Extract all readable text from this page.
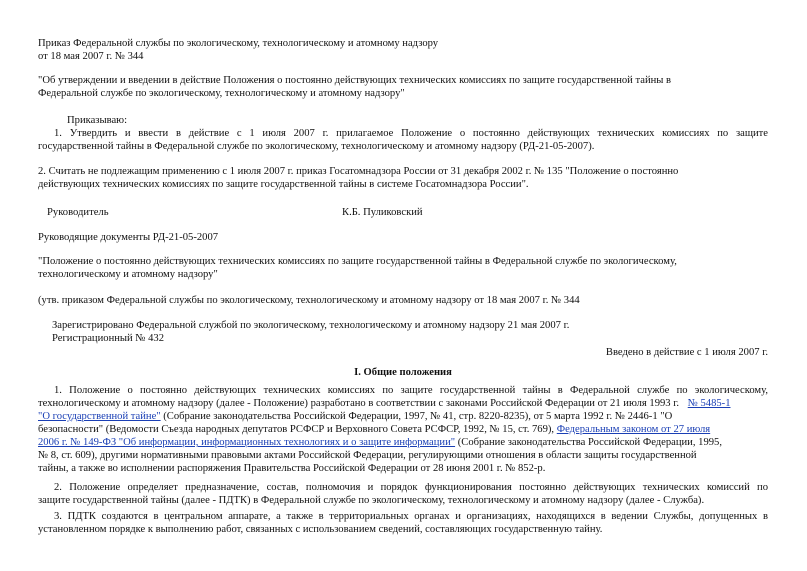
Приказ Федеральной службы по экологическому, технологическому и атомному надзору
от 18 мая 2007 г. № 344
"Об утверждении и введении в действие Положения о постоянно действующих технических комиссиях по защите государственной тайны в
Федеральной службе по экологическому, технологическому и атомному надзору"
Приказываю:
1. Утвердить и ввести в действие с 1 июля 2007 г. прилагаемое Положение о постоянно действующих технических комиссиях по защите
государственной тайны в Федеральной службе по экологическому, технологическому и атомному надзору (РД-21-05-2007).
2. Считать не подлежащим применению с 1 июля 2007 г. приказ Госатомнадзора России от 31 декабря 2002 г. № 135 "Положение о постоянно
действующих технических комиссиях по защите государственной тайны в системе Госатомнадзора России".
Руководитель	К.Б. Пуликовский
Руководящие документы РД-21-05-2007
"Положение о постоянно действующих технических комиссиях по защите государственной тайны в Федеральной службе по экологическому,
технологическому и атомному надзору"
(утв. приказом Федеральной службы по экологическому, технологическому и атомному надзору от 18 мая 2007 г. № 344
Зарегистрировано Федеральной службой по экологическому, технологическому и атомному надзору 21 мая 2007 г.
Регистрационный № 432
Введено в действие с 1 июля 2007 г.
I. Общие положения
1. Положение о постоянно действующих технических комиссиях по защите государственной тайны в Федеральной службе по экологическому,
технологическому и атомному надзору (далее - Положение) разработано в соответствии с законами Российской Федерации от 21 июля 1993 г. № 5485-1
"О государственной тайне" (Собрание законодательства Российской Федерации, 1997, № 41, стр. 8220-8235), от 5 марта 1992 г. № 2446-1 "О
безопасности" (Ведомости Съезда народных депутатов РСФСР и Верховного Совета РСФСР, 1992, № 15, ст. 769), Федеральным законом от 27 июля
2006 г. № 149-ФЗ "Об информации, информационных технологиях и о защите информации" (Собрание законодательства Российской Федерации, 1995,
№ 8, ст. 609), другими нормативными правовыми актами Российской Федерации, регулирующими отношения в области защиты государственной
тайны, а также во исполнении распоряжения Правительства Российской Федерации от 28 июня 2001 г. № 852-р.
2. Положение определяет предназначение, состав, полномочия и порядок функционирования постоянно действующих технических комиссий по
защите государственной тайны (далее - ПДТК) в Федеральной службе по экологическому, технологическому и атомному надзору (далее - Служба).
3. ПДТК создаются в центральном аппарате, а также в территориальных органах и организациях, находящихся в ведении Службы, допущенных в
установленном порядке к выполнению работ, связанных с использованием сведений, составляющих государственную тайну.
